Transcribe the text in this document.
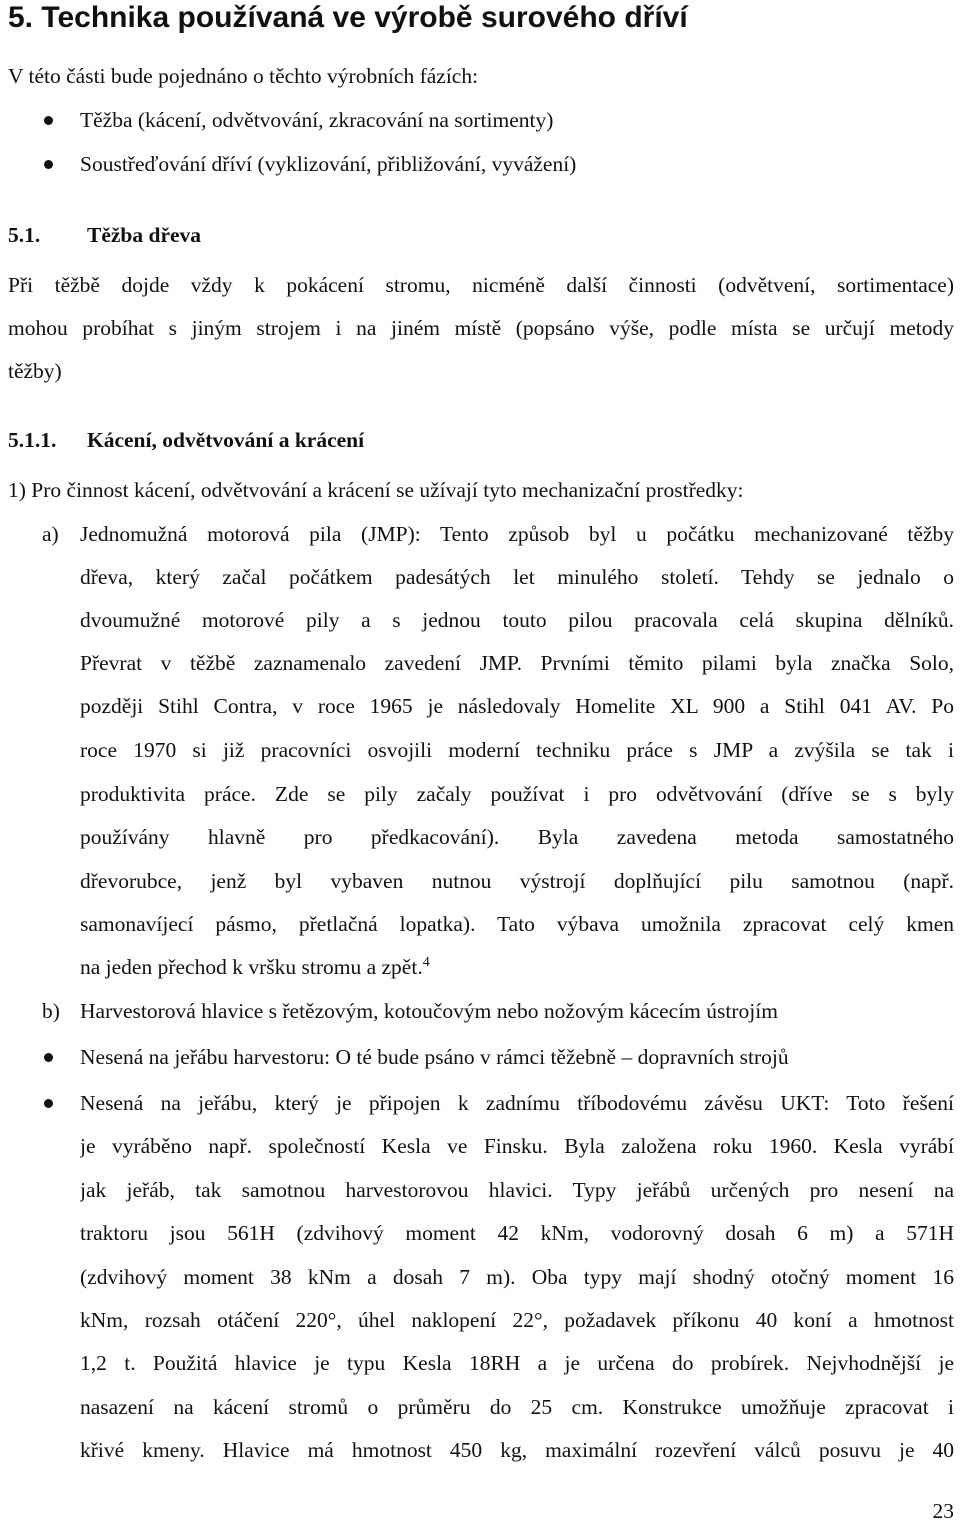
5. Technika používaná ve výrobě surového dříví
V této části bude pojednáno o těchto výrobních fázích:
Těžba (kácení, odvětvování, zkracování na sortimenty)
Soustřeďování dříví (vyklizování, přibližování, vyvážení)
5.1. Těžba dřeva
Při těžbě dojde vždy k pokácení stromu, nicméně další činnosti (odvětvení, sortimentace)
mohou probíhat s jiným strojem i na jiném místě (popsáno výše, podle místa se určují metody
těžby)
5.1.1. Kácení, odvětvování a krácení
1) Pro činnost kácení, odvětvování a krácení se užívají tyto mechanizační prostředky:
a) Jednomužná motorová pila (JMP): Tento způsob byl u počátku mechanizované těžby
dřeva, který začal počátkem padesátých let minulého století. Tehdy se jednalo o
dvoumužné motorové pily a s jednou touto pilou pracovala celá skupina dělníků.
Převrat v těžbě zaznamenalo zavedení JMP. Prvními těmito pilami byla značka Solo,
později Stihl Contra, v roce 1965 je následovaly Homelite XL 900 a Stihl 041 AV. Po
roce 1970 si již pracovníci osvojili moderní techniku práce s JMP a zvýšila se tak i
produktivita práce. Zde se pily začaly používat i pro odvětvování (dříve se s byly
používány hlavně pro předkacování). Byla zavedena metoda samostatného
dřevorubce, jenž byl vybaven nutnou výstrojí doplňující pilu samotnou (např.
samonavíjecí pásmo, přetlačná lopatka). Tato výbava umožnila zpracovat celý kmen
na jeden přechod k vršku stromu a zpět.$^4$
b) Harvestorová hlavice s řetězovým, kotoučovým nebo nožovým kácecím ústrojím
Nesená na jeřábu harvestoru: O té bude psáno v rámci těžebně – dopravních strojů
Nesená na jeřábu, který je připojen k zadnímu tříbodovému závěsu UKT: Toto řešení
je vyráběno např. společností Kesla ve Finsku. Byla založena roku 1960. Kesla vyrábí
jak jeřáb, tak samotnou harvestorovou hlavici. Typy jeřábů určených pro nesení na
traktoru jsou 561H (zdvihový moment 42 kNm, vodorovný dosah 6 m) a 571H
(zdvihový moment 38 kNm a dosah 7 m). Oba typy mají shodný otočný moment 16
kNm, rozsah otáčení 220°, úhel naklopení 22°, požadavek příkonu 40 koní a hmotnost
1,2 t. Použitá hlavice je typu Kesla 18RH a je určena do probírek. Nejvhodnější je
nasazení na kácení stromů o průměru do 25 cm. Konstrukce umožňuje zpracovat i
křivé kmeny. Hlavice má hmotnost 450 kg, maximální rozevření válců posuvu je 40
23
